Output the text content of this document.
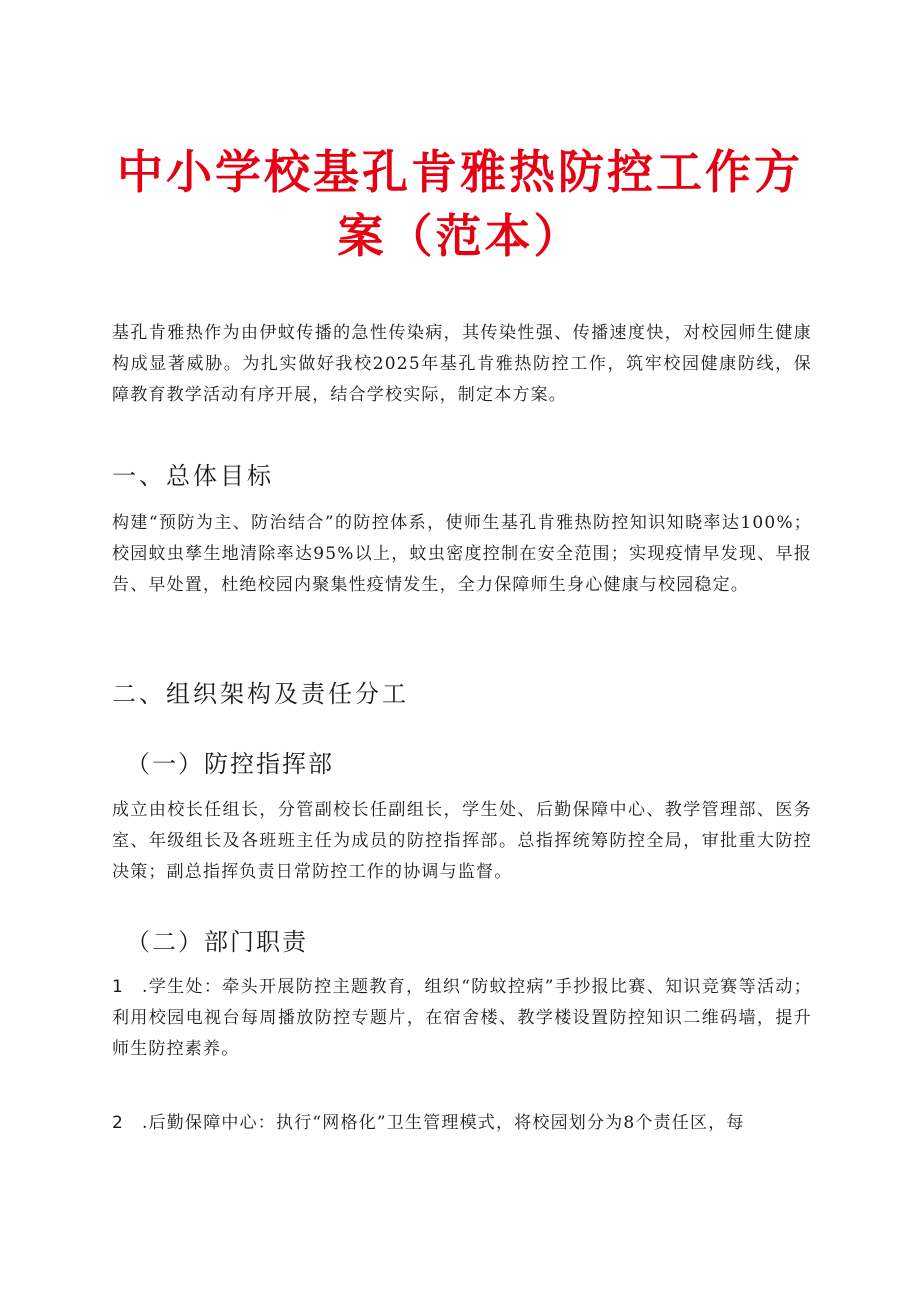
中小学校基孔肯雅热防控工作方
案（范本）

基孔肯雅热作为由伊蚊传播的急性传染病，其传染性强、传播速度快，对校园师生健康构成显著威胁。为扎实做好我校2025年基孔肯雅热防控工作，筑牢校园健康防线，保障教育教学活动有序开展，结合学校实际，制定本方案。

一、总体目标

构建“预防为主、防治结合”的防控体系，使师生基孔肯雅热防控知识知晓率达100%；校园蚊虫孳生地清除率达95%以上，蚊虫密度控制在安全范围；实现疫情早发现、早报告、早处置，杜绝校园内聚集性疫情发生，全力保障师生身心健康与校园稳定。

二、组织架构及责任分工
（一）防控指挥部

成立由校长任组长，分管副校长任副组长，学生处、后勤保障中心、教学管理部、医务室、年级组长及各班班主任为成员的防控指挥部。总指挥统筹防控全局，审批重大防控决策；副总指挥负责日常防控工作的协调与监督。

（二）部门职责

1 .学生处：牵头开展防控主题教育，组织“防蚊控病”手抄报比赛、知识竞赛等活动；利用校园电视台每周播放防控专题片，在宿舍楼、教学楼设置防控知识二维码墙，提升师生防控素养。

2 .后勤保障中心：执行“网格化”卫生管理模式，将校园划分为8个责任区，每
